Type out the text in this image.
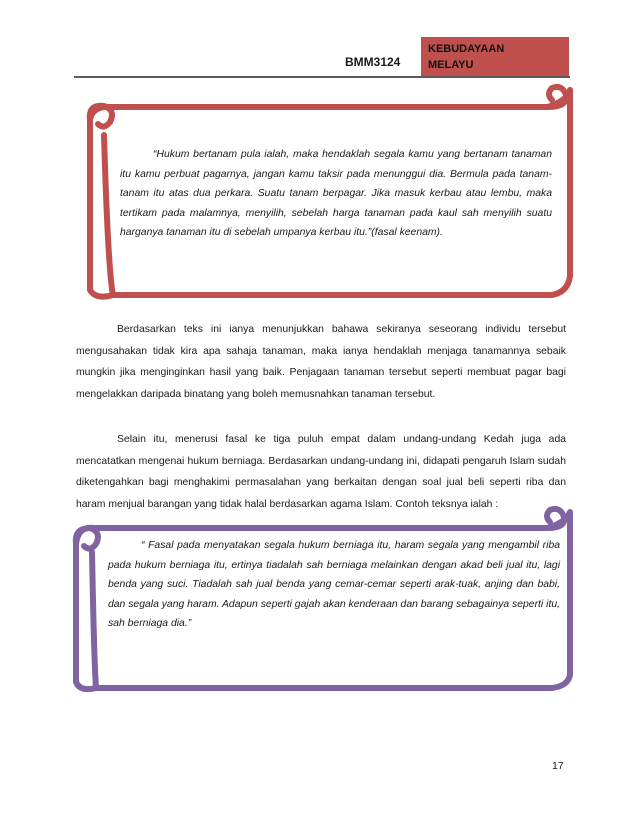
KEBUDAYAAN
MELAYU
BMM3124
“Hukum bertanam pula ialah, maka hendaklah segala kamu yang bertanam tanaman itu kamu perbuat pagarnya, jangan kamu taksir pada menunggui dia. Bermula pada tanam-tanam itu atas dua perkara. Suatu tanam berpagar. Jika masuk kerbau atau lembu, maka tertikam pada malamnya, menyilih, sebelah harga tanaman pada kaul sah menyilih suatu harganya tanaman itu di sebelah umpanya kerbau itu.”(fasal keenam).
Berdasarkan teks ini ianya menunjukkan bahawa sekiranya seseorang individu tersebut mengusahakan tidak kira apa sahaja tanaman, maka ianya hendaklah menjaga tanamannya sebaik mungkin jika menginginkan hasil yang baik. Penjagaan tanaman tersebut seperti membuat pagar bagi mengelakkan daripada binatang yang boleh memusnahkan tanaman tersebut.
Selain itu, menerusi fasal ke tiga puluh empat dalam undang-undang Kedah juga ada mencatatkan mengenai hukum berniaga. Berdasarkan undang-undang ini, didapati pengaruh Islam sudah diketengahkan bagi menghakimi permasalahan yang berkaitan dengan soal jual beli seperti riba dan haram menjual barangan yang tidak halal berdasarkan agama Islam. Contoh teksnya ialah :
“ Fasal pada menyatakan segala hukum berniaga itu, haram segala yang mengambil riba pada hukum berniaga itu, ertinya tiadalah sah berniaga melainkan dengan akad beli jual itu, lagi benda yang suci. Tiadalah sah jual benda yang cemar-cemar seperti arak-tuak, anjing dan babi, dan segala yang haram. Adapun seperti gajah akan kenderaan dan barang sebagainya seperti itu, sah berniaga dia.”
17
